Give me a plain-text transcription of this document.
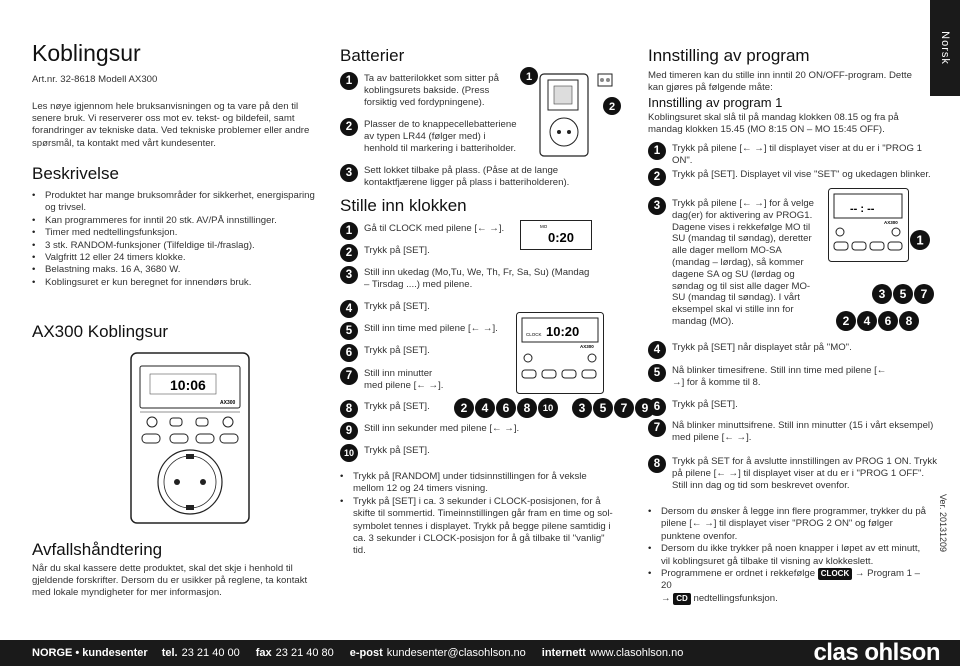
Norsk
Ver. 20131209
Koblingsur
Art.nr. 32-8618 Modell AX300
Les nøye igjennom hele bruksanvisningen og ta vare på den til senere bruk. Vi reserverer oss mot ev. tekst- og bildefeil, samt forandringer av tekniske data. Ved tekniske problemer eller andre spørsmål, ta kontakt med vårt kundesenter.
Beskrivelse
• Produktet har mange bruksområder for sikkerhet, energisparing og trivsel.
• Kan programmeres for inntil 20 stk. AV/PÅ innstillinger.
• Timer med nedtellingsfunksjon.
• 3 stk. RANDOM-funksjoner (Tilfeldige til-/fraslag).
• Valgfritt 12 eller 24 timers klokke.
• Belastning maks. 16 A, 3680 W.
• Koblingsuret er kun beregnet for innendørs bruk.
AX300 Koblingsur
10:06
AX300
Avfallshåndtering
Når du skal kassere dette produktet, skal det skje i henhold til gjeldende forskrifter. Dersom du er usikker på reglene, ta kontakt med lokale myndigheter for mer informasjon.
Batterier
1	Ta av batterilokket som sitter på koblingsurets bakside. (Press forsiktig ved fordypningene).
2	Plasser de to knappecellebatteriene av typen LR44 (følger med) i henhold til markering i batteriholder.
3	Sett lokket tilbake på plass. (Påse at de lange kontaktfjærene ligger på plass i batteriholderen).
1
2
Stille inn klokken
1	Gå til CLOCK med pilene [← →].
2	Trykk på [SET].
3	Still inn ukedag (Mo,Tu, We, Th, Fr, Sa, Su) (Mandag – Tirsdag ....) med pilene.
4	Trykk på [SET].
5	Still inn time med pilene [← →].
6	Trykk på [SET].
7	Still inn minutter med pilene [← →].
8	Trykk på [SET].
9	Still inn sekunder med pilene [← →].
10	Trykk på [SET].
MO
0:20
CLOCK 10:20
AX300
2	4	6	8	10	3	5	7	9
• Trykk på [RANDOM] under tidsinnstillingen for å veksle mellom 12 og 24 timers visning.
• Trykk på [SET] i ca. 3 sekunder i CLOCK-posisjonen, for å skifte til sommertid. Timeinnstillingen går fram en time og sol-symbolet tennes i displayet. Trykk på begge pilene samtidig i ca. 3 sekunder i CLOCK-posisjon for å gå tilbake til "vanlig" tid.
Innstilling av program
Med timeren kan du stille inn inntil 20 ON/OFF-program. Dette kan gjøres på følgende måte:
Innstilling av program 1
Koblingsuret skal slå til på mandag klokken 08.15 og fra på mandag klokken 15.45 (MO 8:15 ON – MO 15:45 OFF).
1	Trykk på pilene [← →] til displayet viser at du er i "PROG 1 ON".
2	Trykk på [SET]. Displayet vil vise "SET" og ukedagen blinker.
3	Trykk på pilene [← →] for å velge dag(er) for aktivering av PROG1. Dagene vises i rekkefølge MO til SU (mandag til søndag), deretter alle dager mellom MO-SA (mandag – lørdag), så kommer dagene SA og SU (lørdag og søndag og til sist alle dager MO-SU (mandag til søndag). I vårt eksempel skal vi stille inn for mandag (MO).
-- : --
AX300
1
3	5	7
2	4	6	8
4	Trykk på [SET] når displayet står på "MO".
5	Nå blinker timesifrene. Still inn time med pilene [← →] for å komme til 8.
6	Trykk på [SET].
7	Nå blinker minuttsifrene. Still inn minutter (15 i vårt eksempel) med pilene [← →].
8	Trykk på SET for å avslutte innstillingen av PROG 1 ON. Trykk på pilene [← →] til displayet viser at du er i "PROG 1 OFF". Still inn dag og tid som beskrevet ovenfor.
• Dersom du ønsker å legge inn flere programmer, trykker du på pilene [← →] til displayet viser "PROG 2 ON" og følger punktene ovenfor.
• Dersom du ikke trykker på noen knapper i løpet av ett minutt, vil koblingsuret gå tilbake til visning av klokkeslett.
• Programmene er ordnet i rekkefølge CLOCK → Program 1 – 20
→ CD nedtellingsfunksjon.
NORGE • kundesenter tel. 23 21 40 00 fax 23 21 40 80 e-post kundesenter@clasohlson.no internett www.clasohlson.no	clas ohlson
